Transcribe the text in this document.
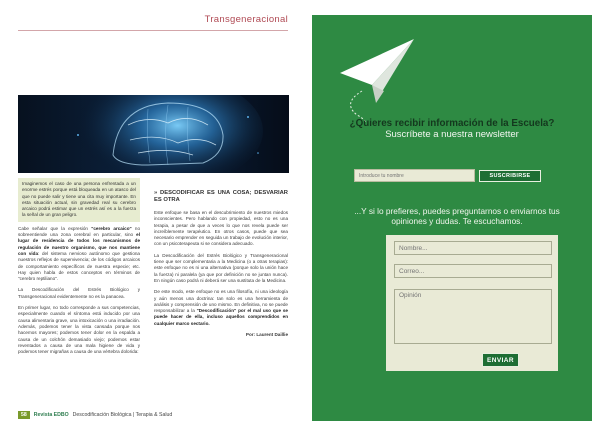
Transgeneracional
Imaginemos el caso de una persona enfrentada a un enorme estrés porque está bloqueada en un atasco del que no puede salir y tiene una cita muy importante. En esta situación actual, sin gravedad real su cerebro arcaico podrá estimar que un estrés así es a la fuerza la señal de un gran peligro.

Cabe señalar que la expresión "cerebro arcaico" no sobreentiende una zona cerebral en particular, sino el lugar de residencia de todos los mecanismos de regulación de nuestro organismo, que nos mantiene con vida: del sistema nervioso autónomo que gestiona nuestros reflejos de supervivencia; de los códigos arcaicos de comportamiento específicos de nuestra especie; etc. Hay quien habla de estos conceptos en términos de "cerebro reptiliano".

La Descodificación del Estrés Biológico y Transgeneracional evidentemente no es la panacea.

En primer lugar, no todo corresponde a sus competencias, especialmente cuando el síntoma está inducido por una causa alimentaria grave, una intoxicación o una irradiación. Además, podemos tener la vista cansada porque nos hacemos mayores; podemos tener dolor en la espalda a causa de un colchón demasiado viejo; podemos estar reventados a causa de una mala higiene de vida y podemos tener migrañas a causa de una vértebra dolorida:

» DESCODIFICAR ES UNA COSA; DESVARIAR ES OTRA

Este enfoque se basa en el descubrimiento de nuestros miedos inconscientes. Pero hablando con propiedad, esto no es una terapia, a pesar de que a veces lo que nos revela puede ser increíblemente terapéutico. En otros casos, puede que sea necesario emprender en seguida un trabajo de evolución interior, con un psicoterapeuta si se considera adecuado.

La Descodificación del Estrés Biológico y Transgeneracional tiene que ser complementaria a la Medicina (o a otras terapias): este enfoque no es ni una alternativa (porque solo la unión hace la fuerza) ni paralela (ya que por definición no se juntan nunca). En ningún caso podrá ni deberá ser una sustituta de la Medicina.

De este modo, este enfoque no es una filosofía, ni una ideología y aún menos una doctrina: tan solo es una herramienta de análisis y comprensión de uno mismo. En definitiva, no se puede responsabilizar a la "Descodificación" por el mal uso que se puede hacer de ella, incluso aquellos comprendidos en cualquier marco sectario.

Por: Laurent Daillie
58	Revista EDBO Descodificación Biológica | Terapia & Salud
¿Quieres recibir información de la Escuela?
Suscríbete a nuestra newsletter
Introduce tu nombre
SUSCRIBIRSE
...Y si lo prefieres, puedes preguntarnos o enviarnos tus opiniones y dudas. Te escuchamos.
Nombre...
Correo...
Opinión
ENVIAR
